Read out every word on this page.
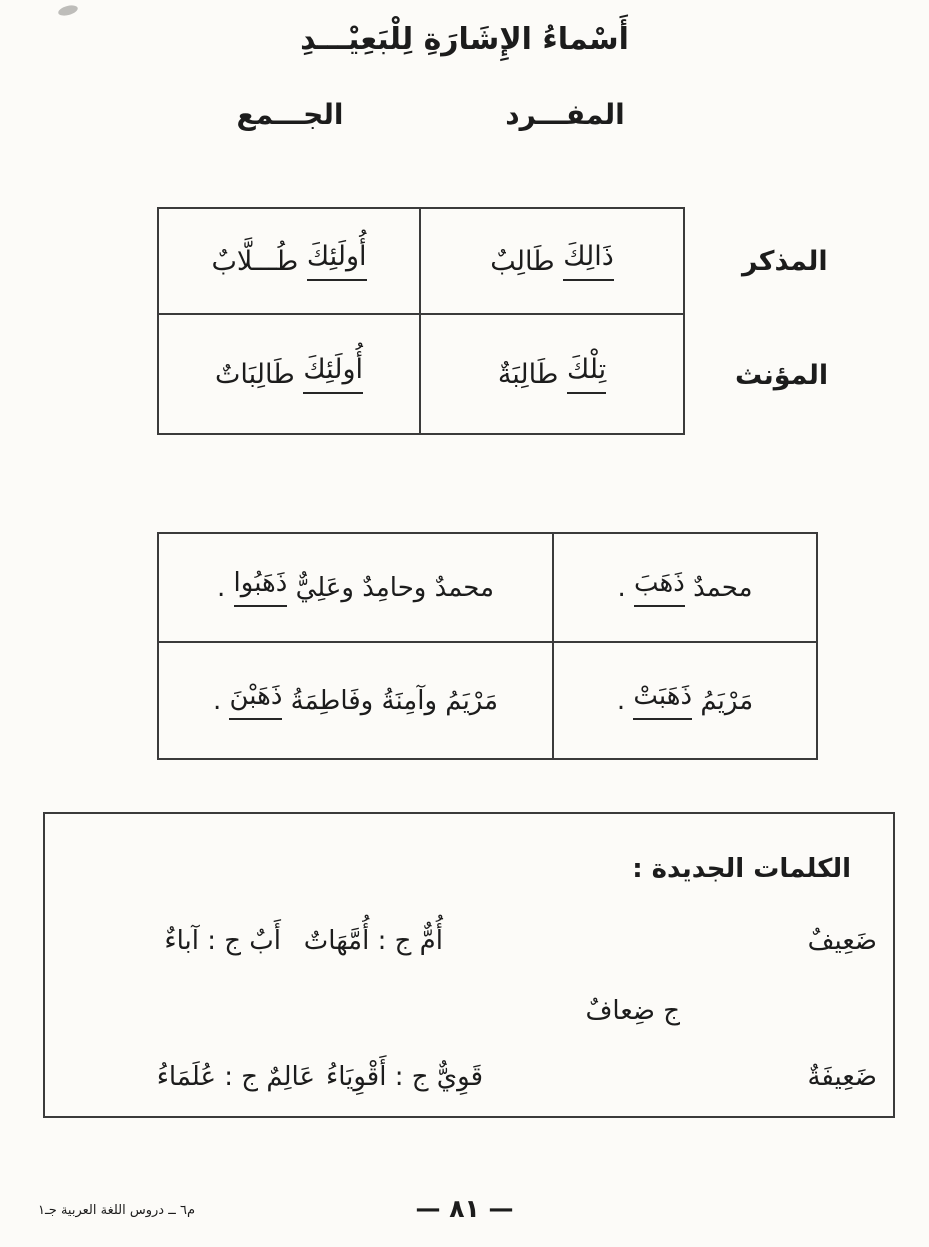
أَسْماءُ الإِشَارَةِ لِلْبَعِيْـــدِ
المفـــرد
الجـــمع
ذَالِكَ

طَالِبٌ
أُولَئِكَ

طُـــلَّابٌ
تِلْكَ

طَالِبَةٌ
أُولَئِكَ

طَالِبَاتٌ
المذكر
المؤنث
محمدٌ

ذَهَبَ

.
محمدٌ وحامِدٌ وعَلِيٌّ

ذَهَبُوا

.
مَرْيَمُ

ذَهَبَتْ

.
مَرْيَمُ وآمِنَةُ وفَاطِمَةُ

ذَهَبْنَ

.
الكلمات الجديدة :
ضَعِيفٌ
أُمٌّ ج : أُمَّهَاتٌ
أَبٌ ج : آباءٌ
ج ضِعافٌ
ضَعِيفَةٌ
قَوِيٌّ ج : أَقْوِيَاءُ
عَالِمٌ ج : عُلَمَاءُ
— ٨١ —
م٦ ــ دروس اللغة العربية جـ١
